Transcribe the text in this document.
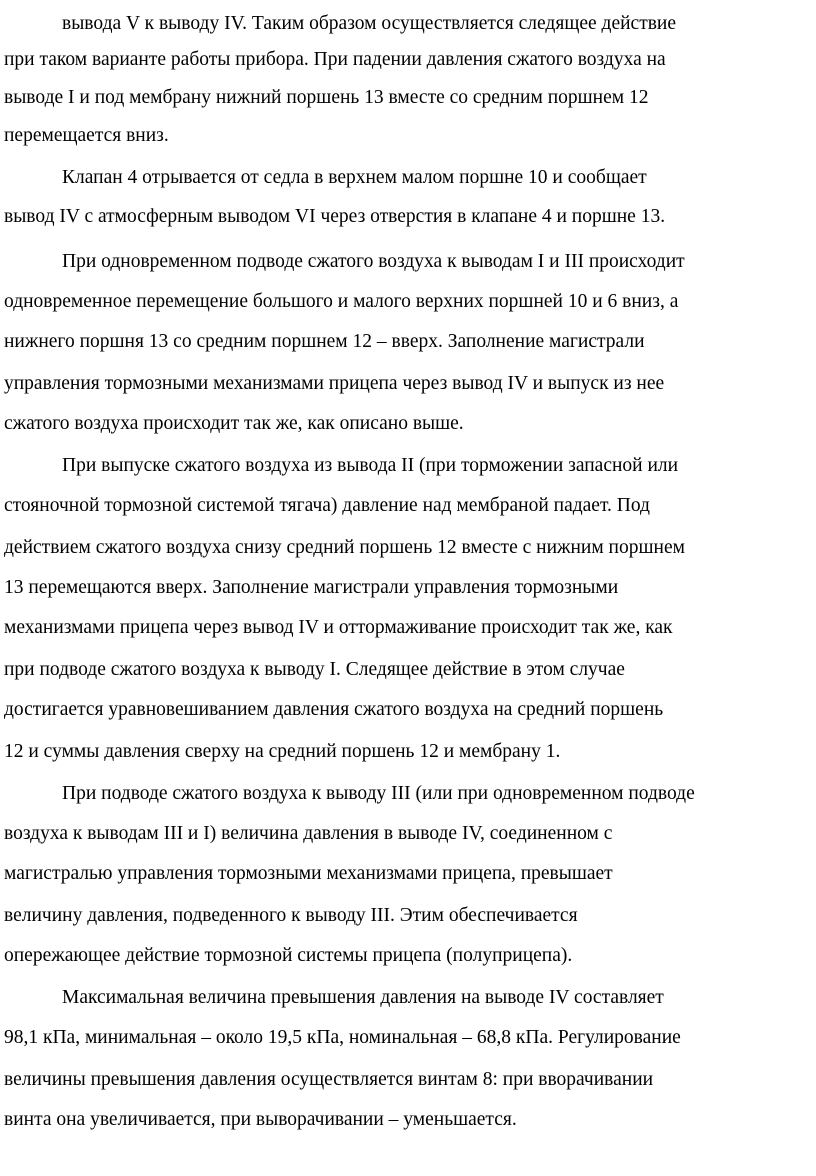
вывода V к выводу IV. Таким образом осуществляется следящее действие
при таком варианте работы прибора. При падении давления сжатого воздуха на
выводе I и под мембрану нижний поршень 13 вместе со средним поршнем 12
перемещается вниз.
Клапан 4 отрывается от седла в верхнем малом поршне 10 и сообщает
вывод IV с атмосферным выводом VI через отверстия в клапане 4 и поршне 13.
При одновременном подводе сжатого воздуха к выводам I и III происходит
одновременное перемещение большого и малого верхних поршней 10 и 6 вниз, а
нижнего поршня 13 со средним поршнем 12 – вверх. Заполнение магистрали
управления тормозными механизмами прицепа через вывод IV и выпуск из нее
сжатого воздуха происходит так же, как описано выше.
При выпуске сжатого воздуха из вывода II (при торможении запасной или
стояночной тормозной системой тягача) давление над мембраной падает. Под
действием сжатого воздуха снизу средний поршень 12 вместе с нижним поршнем
13 перемещаются вверх. Заполнение магистрали управления тормозными
механизмами прицепа через вывод IV и оттормаживание происходит так же, как
при подводе сжатого воздуха к выводу I. Следящее действие в этом случае
достигается уравновешиванием давления сжатого воздуха на средний поршень
12 и суммы давления сверху на средний поршень 12 и мембрану 1.
При подводе сжатого воздуха к выводу III (или при одновременном подводе
воздуха к выводам III и I) величина давления в выводе IV, соединенном с
магистралью управления тормозными механизмами прицепа, превышает
величину давления, подведенного к выводу III. Этим обеспечивается
опережающее действие тормозной системы прицепа (полуприцепа).
Максимальная величина превышения давления на выводе IV составляет
98,1 кПа, минимальная – около 19,5 кПа, номинальная – 68,8 кПа. Регулирование
величины превышения давления осуществляется винтам 8: при вворачивании
винта она увеличивается, при выворачивании – уменьшается.
